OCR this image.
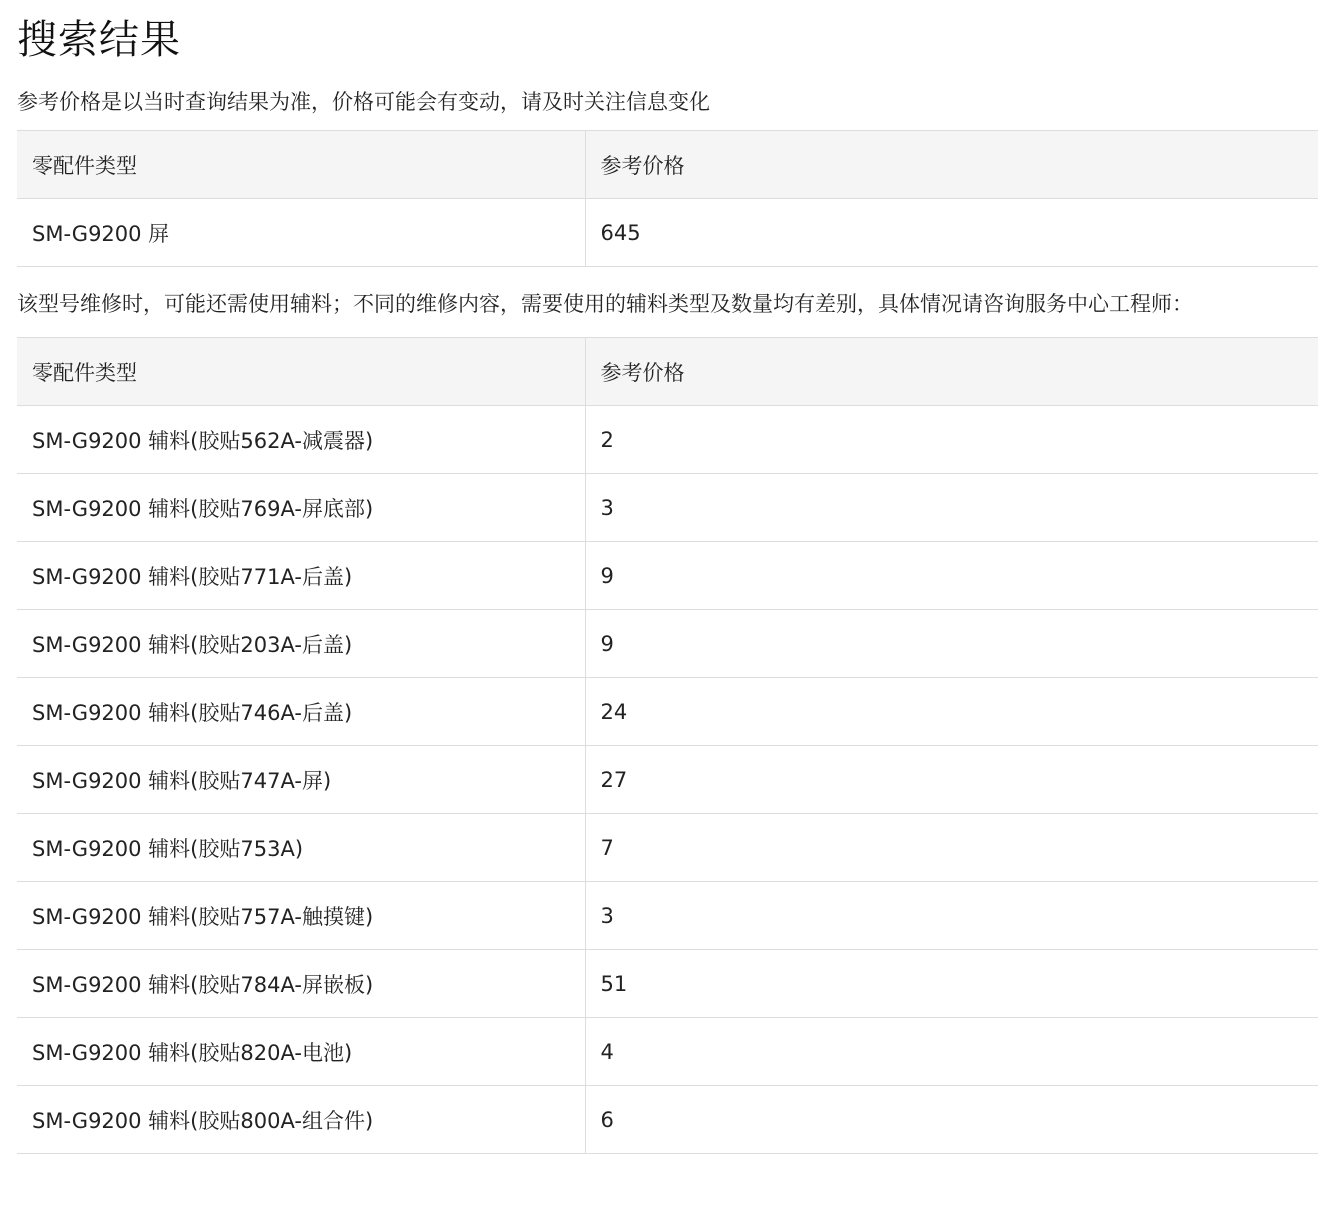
搜索结果

参考价格是以当时查询结果为准，价格可能会有变动，请及时关注信息变化

零配件类型	参考价格
SM-G9200 屏	645

该型号维修时，可能还需使用辅料；不同的维修内容，需要使用的辅料类型及数量均有差别，具体情况请咨询服务中心工程师：

零配件类型	参考价格
SM-G9200 辅料(胶贴562A-减震器)	2
SM-G9200 辅料(胶贴769A-屏底部)	3
SM-G9200 辅料(胶贴771A-后盖)	9
SM-G9200 辅料(胶贴203A-后盖)	9
SM-G9200 辅料(胶贴746A-后盖)	24
SM-G9200 辅料(胶贴747A-屏)	27
SM-G9200 辅料(胶贴753A)	7
SM-G9200 辅料(胶贴757A-触摸键)	3
SM-G9200 辅料(胶贴784A-屏嵌板)	51
SM-G9200 辅料(胶贴820A-电池)	4
SM-G9200 辅料(胶贴800A-组合件)	6
